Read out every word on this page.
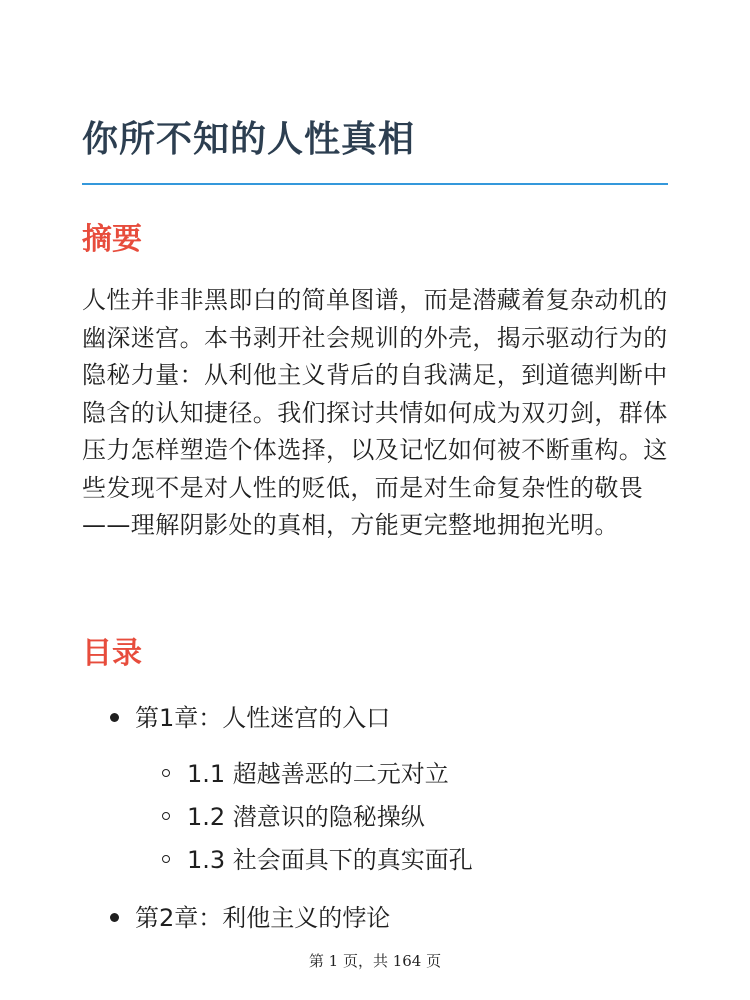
你所不知的人性真相
摘要

人性并非非黑即白的简单图谱，而是潜藏着复杂动机的幽深迷宫。本书剥开社会规训的外壳，揭示驱动行为的隐秘力量：从利他主义背后的自我满足，到道德判断中隐含的认知捷径。我们探讨共情如何成为双刃剑，群体压力怎样塑造个体选择，以及记忆如何被不断重构。这些发现不是对人性的贬低，而是对生命复杂性的敬畏——理解阴影处的真相，方能更完整地拥抱光明。

目录
第1章：人性迷宫的入口
1.1 超越善恶的二元对立
1.2 潜意识的隐秘操纵
1.3 社会面具下的真实面孔
第2章：利他主义的悖论
第 1 页，共 164 页
